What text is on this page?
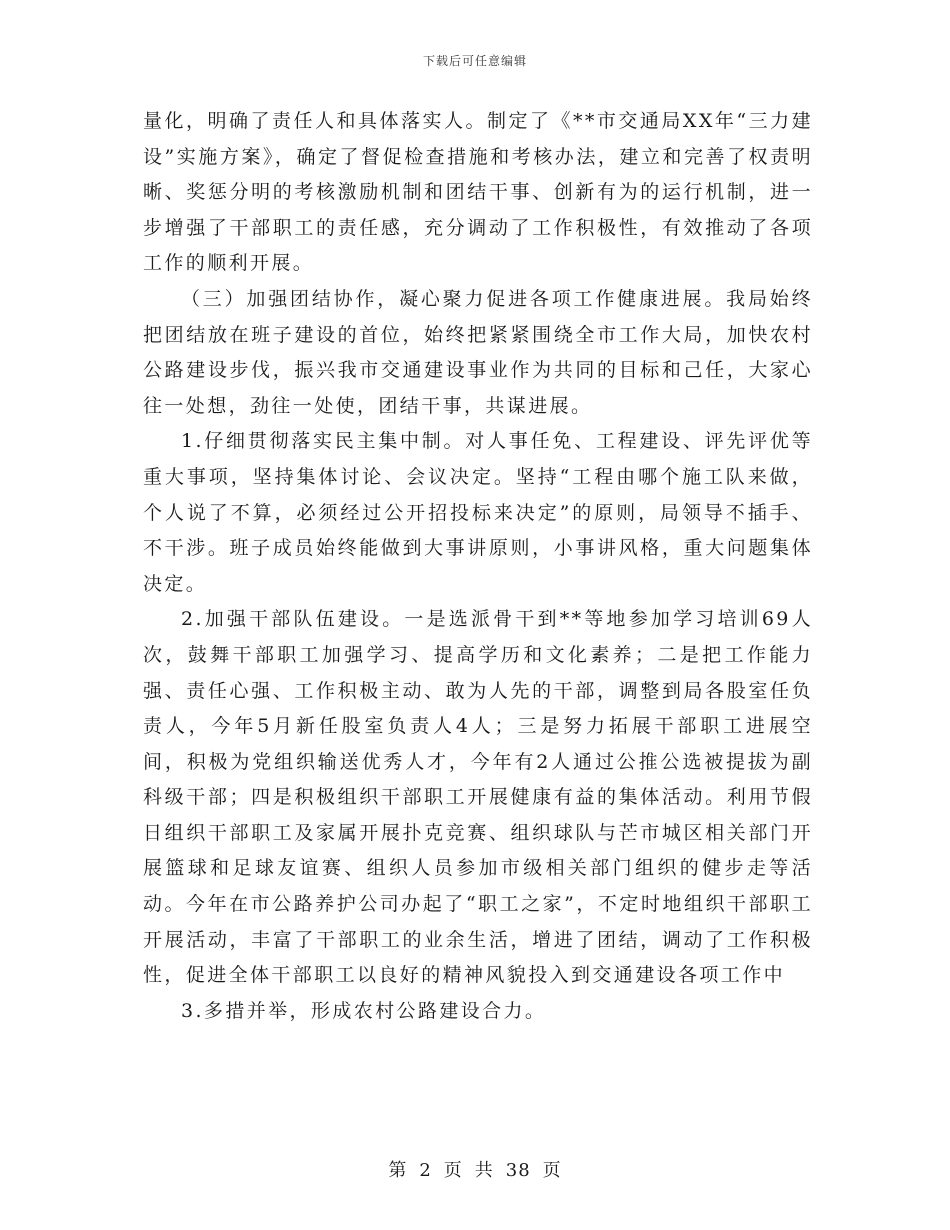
下载后可任意编辑

量化，明确了责任人和具体落实人。制定了《**市交通局XX年“三力建设”实施方案》，确定了督促检查措施和考核办法，建立和完善了权责明晰、奖惩分明的考核激励机制和团结干事、创新有为的运行机制，进一步增强了干部职工的责任感，充分调动了工作积极性，有效推动了各项工作的顺利开展。

（三）加强团结协作，凝心聚力促进各项工作健康进展。我局始终把团结放在班子建设的首位，始终把紧紧围绕全市工作大局，加快农村公路建设步伐，振兴我市交通建设事业作为共同的目标和己任，大家心往一处想，劲往一处使，团结干事，共谋进展。

1.仔细贯彻落实民主集中制。对人事任免、工程建设、评先评优等重大事项，坚持集体讨论、会议决定。坚持“工程由哪个施工队来做，个人说了不算，必须经过公开招投标来决定”的原则，局领导不插手、不干涉。班子成员始终能做到大事讲原则，小事讲风格，重大问题集体决定。

2.加强干部队伍建设。一是选派骨干到**等地参加学习培训69人次，鼓舞干部职工加强学习、提高学历和文化素养；二是把工作能力强、责任心强、工作积极主动、敢为人先的干部，调整到局各股室任负责人，今年5月新任股室负责人4人；三是努力拓展干部职工进展空间，积极为党组织输送优秀人才，今年有2人通过公推公选被提拔为副科级干部；四是积极组织干部职工开展健康有益的集体活动。利用节假日组织干部职工及家属开展扑克竞赛、组织球队与芒市城区相关部门开展篮球和足球友谊赛、组织人员参加市级相关部门组织的健步走等活动。今年在市公路养护公司办起了“职工之家”，不定时地组织干部职工开展活动，丰富了干部职工的业余生活，增进了团结，调动了工作积极性，促进全体干部职工以良好的精神风貌投入到交通建设各项工作中

3.多措并举，形成农村公路建设合力。

第 2 页 共 38 页
